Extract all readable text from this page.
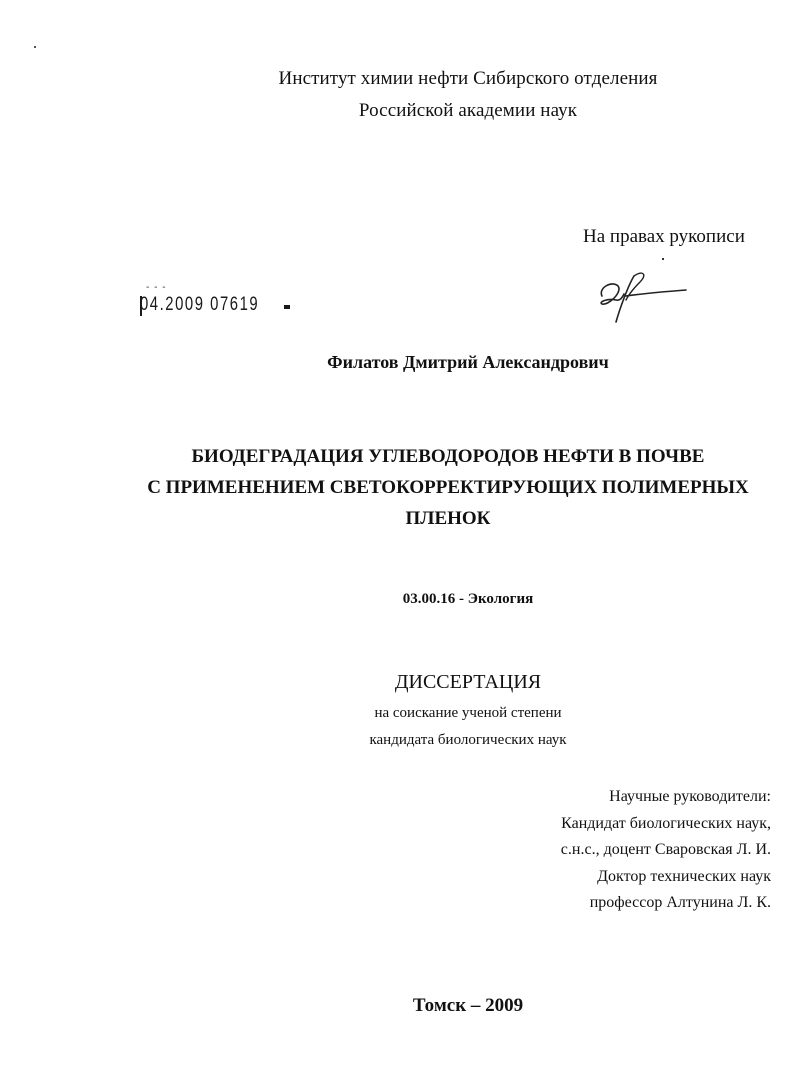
Институт химии нефти Сибирского отделения
Российской академии наук
На правах рукописи
- - -
04.2009 07619
Филатов Дмитрий Александрович
БИОДЕГРАДАЦИЯ УГЛЕВОДОРОДОВ НЕФТИ В ПОЧВЕ
С ПРИМЕНЕНИЕМ СВЕТОКОРРЕКТИРУЮЩИХ ПОЛИМЕРНЫХ
ПЛЕНОК
03.00.16 - Экология
ДИССЕРТАЦИЯ
на соискание ученой степени
кандидата биологических наук
Научные руководители:
Кандидат биологических наук,
с.н.с., доцент Сваровская Л. И.
Доктор технических наук
профессор Алтунина Л. К.
Томск – 2009
